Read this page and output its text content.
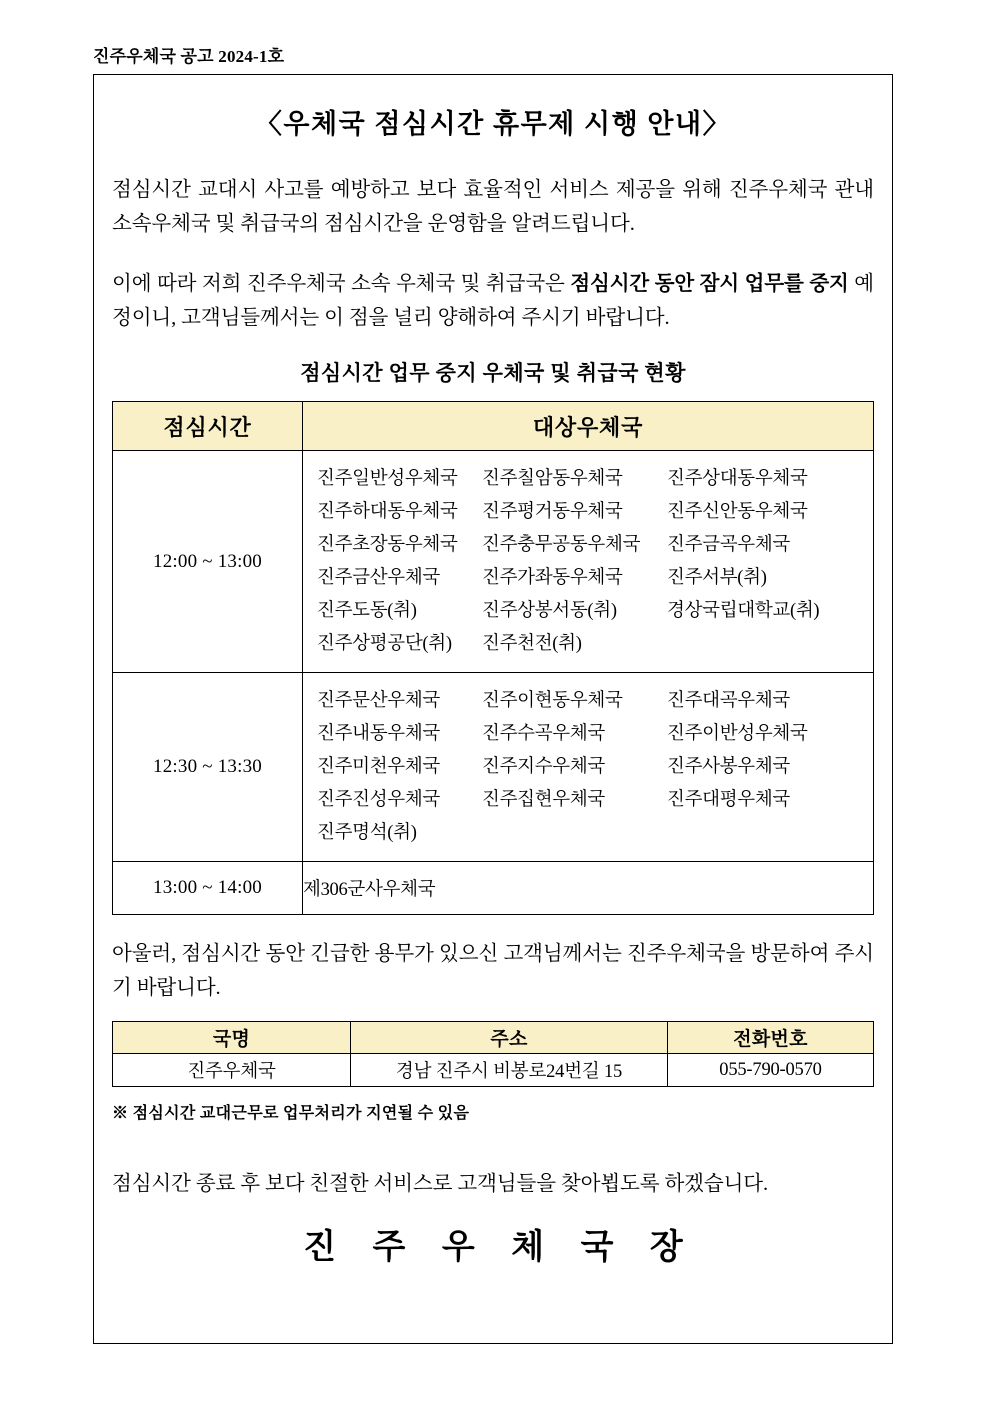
진주우체국 공고 2024-1호
〈우체국 점심시간 휴무제 시행 안내〉

점심시간 교대시 사고를 예방하고 보다 효율적인 서비스 제공을 위해 진주우체국 관내 소속우체국 및 취급국의 점심시간을 운영함을 알려드립니다.

이에 따라 저희 진주우체국 소속 우체국 및 취급국은 점심시간 동안 잠시 업무를 중지 예정이니, 고객님들께서는 이 점을 널리 양해하여 주시기 바랍니다.

점심시간 업무 중지 우체국 및 취급국 현황
점심시간	대상우체국
12:00 ~ 13:00	
진주일반성우체국	진주칠암동우체국	진주상대동우체국
진주하대동우체국	진주평거동우체국	진주신안동우체국
진주초장동우체국	진주충무공동우체국	진주금곡우체국
진주금산우체국	진주가좌동우체국	진주서부(취)
진주도동(취)	진주상봉서동(취)	경상국립대학교(취)
진주상평공단(취)	진주천전(취)

12:30 ~ 13:30	
진주문산우체국	진주이현동우체국	진주대곡우체국
진주내동우체국	진주수곡우체국	진주이반성우체국
진주미천우체국	진주지수우체국	진주사봉우체국
진주진성우체국	진주집현우체국	진주대평우체국
진주명석(취)

13:00 ~ 14:00	제306군사우체국

아울러, 점심시간 동안 긴급한 용무가 있으신 고객님께서는 진주우체국을 방문하여 주시기 바랍니다.

국명	주소	전화번호
진주우체국	경남 진주시 비봉로24번길 15	055-790-0570
※ 점심시간 교대근무로 업무처리가 지연될 수 있음

점심시간 종료 후 보다 친절한 서비스로 고객님들을 찾아뵙도록 하겠습니다.

진 주 우 체 국 장
